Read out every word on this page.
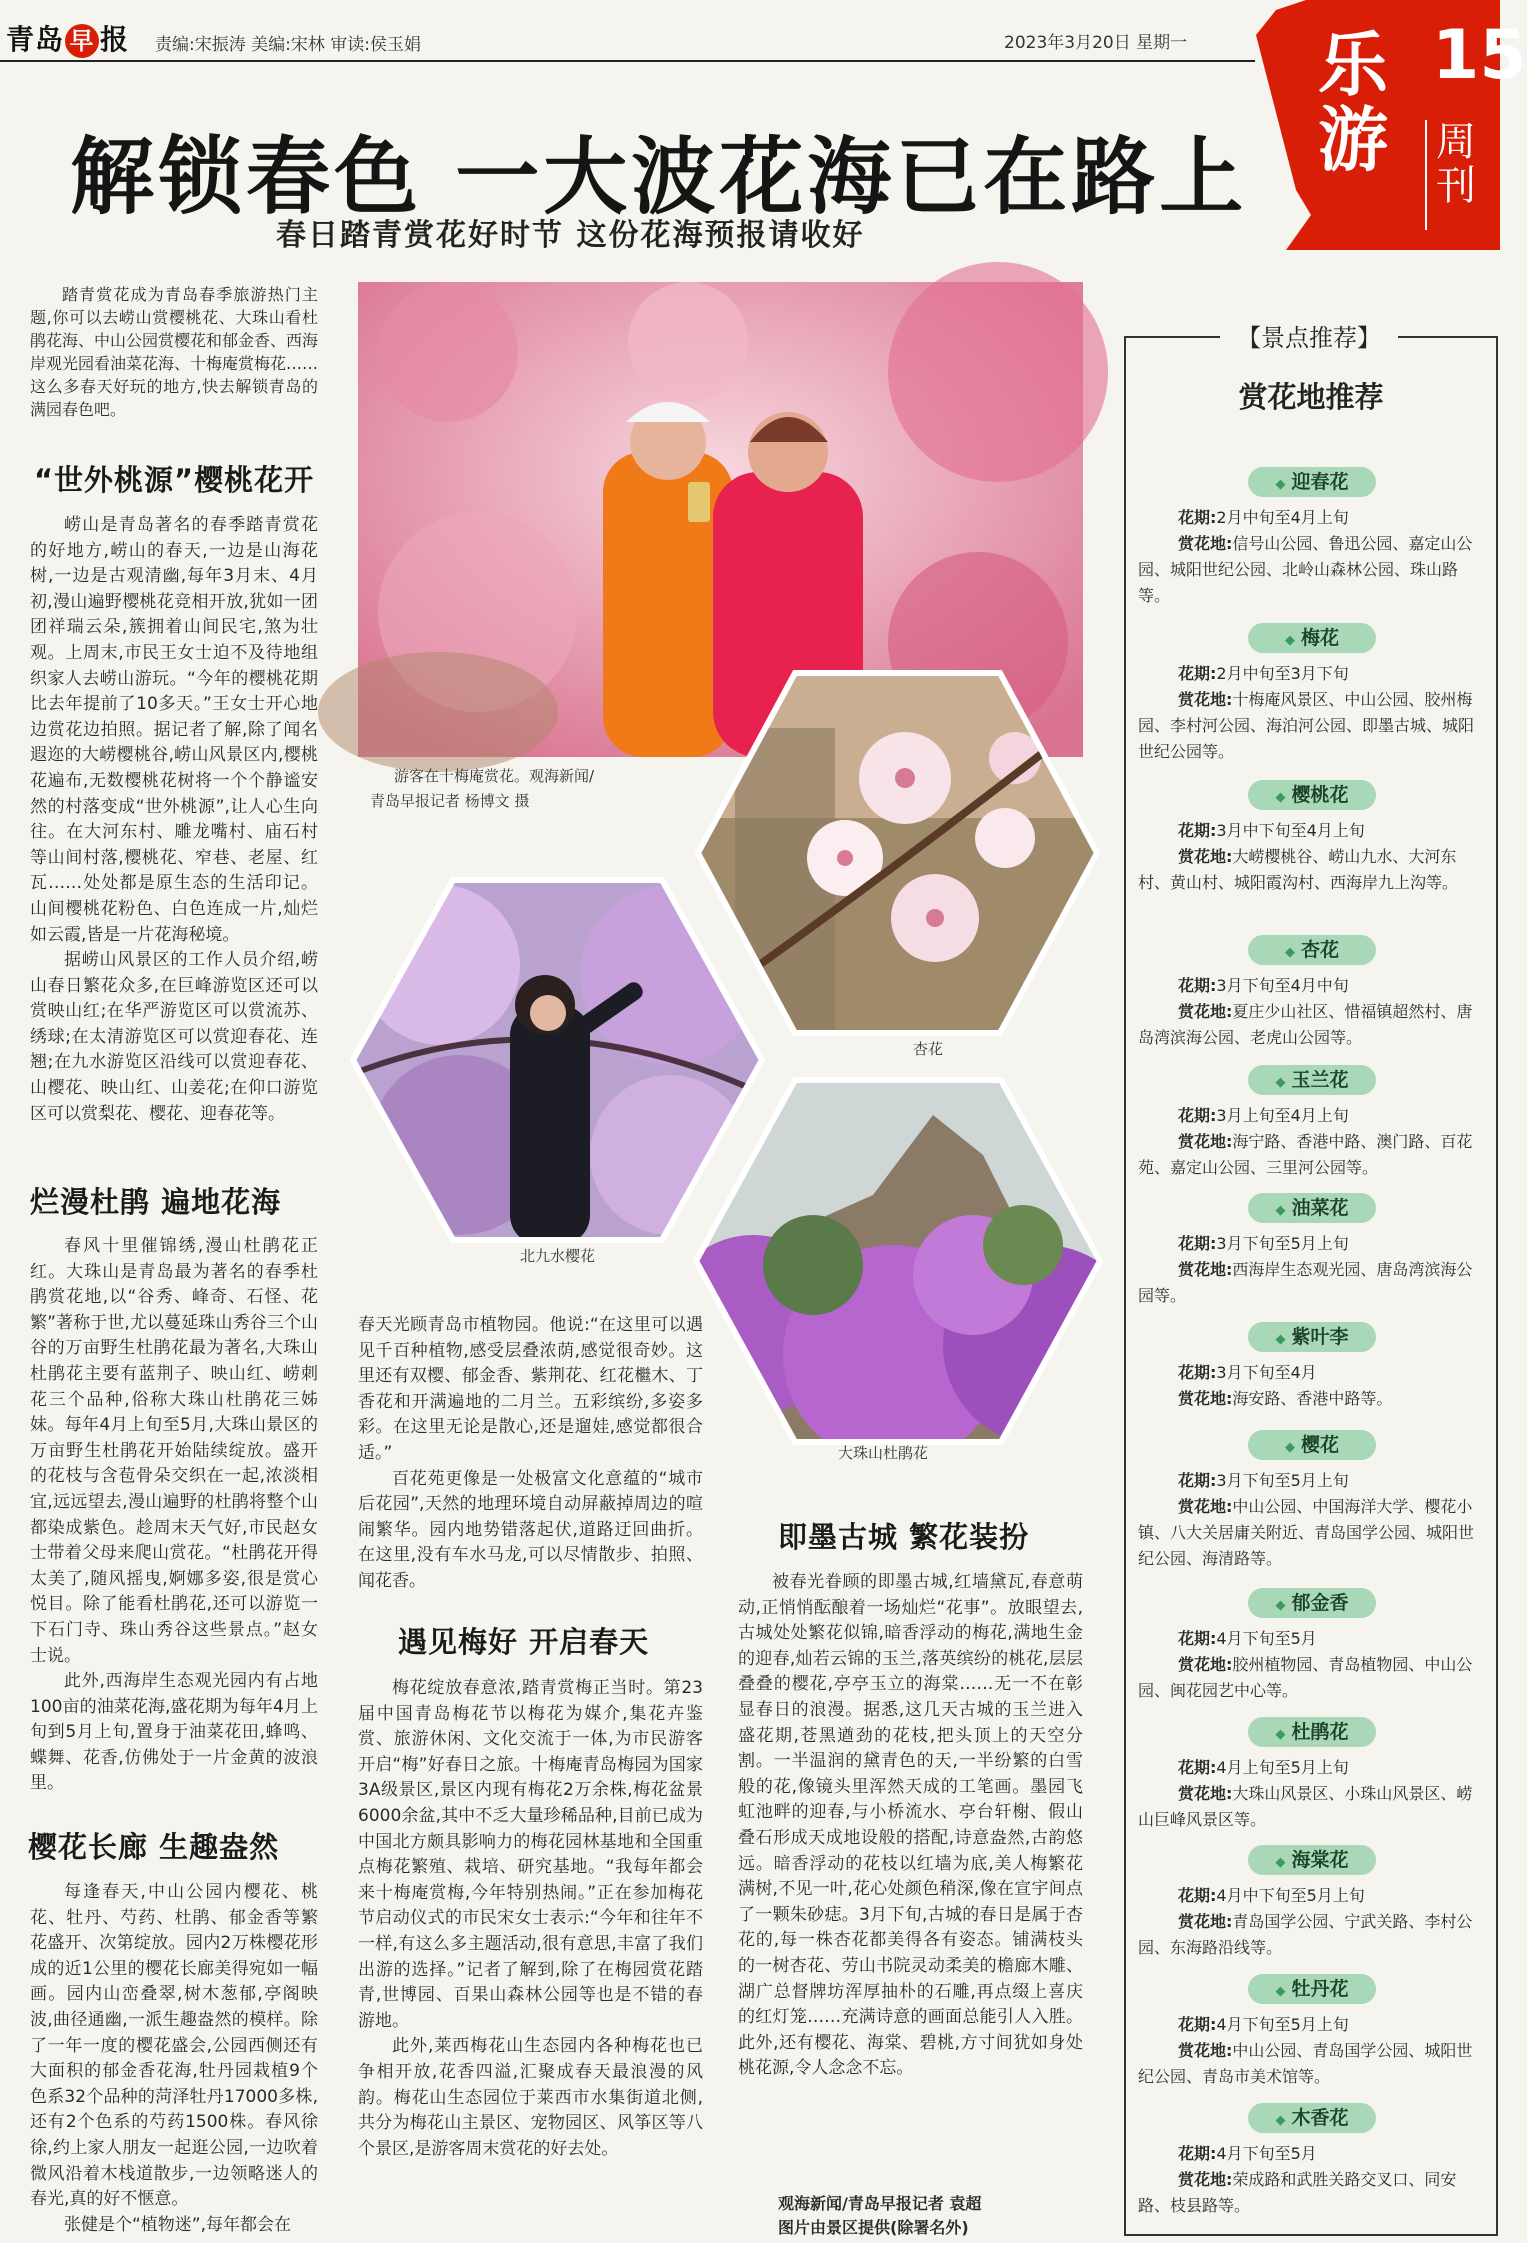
青岛 早 报 责编:宋振涛 美编:宋林 审读:侯玉娟	2023年3月20日 星期一 乐
游
15
周刊
解锁春色 一大波花海已在路上
春日踏青赏花好时节 这份花海预报请收好

踏青赏花成为青岛春季旅游热门主题,你可以去崂山赏樱桃花、大珠山看杜鹃花海、中山公园赏樱花和郁金香、西海岸观光园看油菜花海、十梅庵赏梅花……这么多春天好玩的地方,快去解锁青岛的满园春色吧。

“世外桃源”樱桃花开

崂山是青岛著名的春季踏青赏花的好地方,崂山的春天,一边是山海花树,一边是古观清幽,每年3月末、4月初,漫山遍野樱桃花竞相开放,犹如一团团祥瑞云朵,簇拥着山间民宅,煞为壮观。上周末,市民王女士迫不及待地组织家人去崂山游玩。“今年的樱桃花期比去年提前了10多天。”王女士开心地边赏花边拍照。据记者了解,除了闻名遐迩的大崂樱桃谷,崂山风景区内,樱桃花遍布,无数樱桃花树将一个个静谧安然的村落变成“世外桃源”,让人心生向往。在大河东村、雕龙嘴村、庙石村等山间村落,樱桃花、窄巷、老屋、红瓦……处处都是原生态的生活印记。山间樱桃花粉色、白色连成一片,灿烂如云霞,皆是一片花海秘境。

据崂山风景区的工作人员介绍,崂山春日繁花众多,在巨峰游览区还可以赏映山红;在华严游览区可以赏流苏、绣球;在太清游览区可以赏迎春花、连翘;在九水游览区沿线可以赏迎春花、山樱花、映山红、山姜花;在仰口游览区可以赏梨花、樱花、迎春花等。

烂漫杜鹃 遍地花海

春风十里催锦绣,漫山杜鹃花正红。大珠山是青岛最为著名的春季杜鹃赏花地,以“谷秀、峰奇、石怪、花繁”著称于世,尤以蔓延珠山秀谷三个山谷的万亩野生杜鹃花最为著名,大珠山杜鹃花主要有蓝荆子、映山红、崂刺花三个品种,俗称大珠山杜鹃花三姊妹。每年4月上旬至5月,大珠山景区的万亩野生杜鹃花开始陆续绽放。盛开的花枝与含苞骨朵交织在一起,浓淡相宜,远远望去,漫山遍野的杜鹃将整个山都染成紫色。趁周末天气好,市民赵女士带着父母来爬山赏花。“杜鹃花开得太美了,随风摇曳,婀娜多姿,很是赏心悦目。除了能看杜鹃花,还可以游览一下石门寺、珠山秀谷这些景点。”赵女士说。

此外,西海岸生态观光园内有占地100亩的油菜花海,盛花期为每年4月上旬到5月上旬,置身于油菜花田,蜂鸣、蝶舞、花香,仿佛处于一片金黄的波浪里。

樱花长廊 生趣盎然

每逢春天,中山公园内樱花、桃花、牡丹、芍药、杜鹃、郁金香等繁花盛开、次第绽放。园内2万株樱花形成的近1公里的樱花长廊美得宛如一幅画。园内山峦叠翠,树木葱郁,亭阁映波,曲径通幽,一派生趣盎然的模样。除了一年一度的樱花盛会,公园西侧还有大面积的郁金香花海,牡丹园栽植9个色系32个品种的菏泽牡丹17000多株,还有2个色系的芍药1500株。春风徐徐,约上家人朋友一起逛公园,一边吹着微风沿着木栈道散步,一边领略迷人的春光,真的好不惬意。

张健是个“植物迷”,每年都会在

游客在十梅庵赏花。观海新闻/
青岛早报记者 杨博文 摄
杏花
北九水樱花
大珠山杜鹃花

春天光顾青岛市植物园。他说:“在这里可以遇见千百种植物,感受层叠浓荫,感觉很奇妙。这里还有双樱、郁金香、紫荆花、红花檵木、丁香花和开满遍地的二月兰。五彩缤纷,多姿多彩。在这里无论是散心,还是遛娃,感觉都很合适。”

百花苑更像是一处极富文化意蕴的“城市后花园”,天然的地理环境自动屏蔽掉周边的喧闹繁华。园内地势错落起伏,道路迂回曲折。在这里,没有车水马龙,可以尽情散步、拍照、闻花香。

遇见梅好 开启春天

梅花绽放春意浓,踏青赏梅正当时。第23届中国青岛梅花节以梅花为媒介,集花卉鉴赏、旅游休闲、文化交流于一体,为市民游客开启“梅”好春日之旅。十梅庵青岛梅园为国家3A级景区,景区内现有梅花2万余株,梅花盆景6000余盆,其中不乏大量珍稀品种,目前已成为中国北方颇具影响力的梅花园林基地和全国重点梅花繁殖、栽培、研究基地。“我每年都会来十梅庵赏梅,今年特别热闹。”正在参加梅花节启动仪式的市民宋女士表示:“今年和往年不一样,有这么多主题活动,很有意思,丰富了我们出游的选择。”记者了解到,除了在梅园赏花踏青,世博园、百果山森林公园等也是不错的春游地。

此外,莱西梅花山生态园内各种梅花也已争相开放,花香四溢,汇聚成春天最浪漫的风韵。梅花山生态园位于莱西市水集街道北侧,共分为梅花山主景区、宠物园区、风筝区等八个景区,是游客周末赏花的好去处。

即墨古城 繁花装扮

被春光眷顾的即墨古城,红墙黛瓦,春意萌动,正悄悄酝酿着一场灿烂“花事”。放眼望去,古城处处繁花似锦,暗香浮动的梅花,满地生金的迎春,灿若云锦的玉兰,落英缤纷的桃花,层层叠叠的樱花,亭亭玉立的海棠……无一不在彰显春日的浪漫。据悉,这几天古城的玉兰进入盛花期,苍黑遒劲的花枝,把头顶上的天空分割。一半温润的黛青色的天,一半纷繁的白雪般的花,像镜头里浑然天成的工笔画。墨园飞虹池畔的迎春,与小桥流水、亭台轩榭、假山叠石形成天成地设般的搭配,诗意盎然,古韵悠远。暗香浮动的花枝以红墙为底,美人梅繁花满树,不见一叶,花心处颜色稍深,像在宣宇间点了一颗朱砂痣。3月下旬,古城的春日是属于杏花的,每一株杏花都美得各有姿态。铺满枝头的一树杏花、劳山书院灵动柔美的檐廊木雕、湖广总督牌坊浑厚抽朴的石雕,再点缀上喜庆的红灯笼……充满诗意的画面总能引人入胜。此外,还有樱花、海棠、碧桃,方寸间犹如身处桃花源,令人念念不忘。

观海新闻/青岛早报记者 袁超
图片由景区提供(除署名外)
【景点推荐】
赏花地推荐
◆ 迎春花
花期:2月中旬至4月上旬
赏花地:信号山公园、鲁迅公园、嘉定山公园、城阳世纪公园、北岭山森林公园、珠山路等。
◆ 梅花
花期:2月中旬至3月下旬
赏花地:十梅庵风景区、中山公园、胶州梅园、李村河公园、海泊河公园、即墨古城、城阳世纪公园等。
◆ 樱桃花
花期:3月中下旬至4月上旬
赏花地:大崂樱桃谷、崂山九水、大河东村、黄山村、城阳霞沟村、西海岸九上沟等。
◆ 杏花
花期:3月下旬至4月中旬
赏花地:夏庄少山社区、惜福镇超然村、唐岛湾滨海公园、老虎山公园等。
◆ 玉兰花
花期:3月上旬至4月上旬
赏花地:海宁路、香港中路、澳门路、百花苑、嘉定山公园、三里河公园等。
◆ 油菜花
花期:3月下旬至5月上旬
赏花地:西海岸生态观光园、唐岛湾滨海公园等。
◆ 紫叶李
花期:3月下旬至4月
赏花地:海安路、香港中路等。
◆ 樱花
花期:3月下旬至5月上旬
赏花地:中山公园、中国海洋大学、樱花小镇、八大关居庸关附近、青岛国学公园、城阳世纪公园、海清路等。
◆ 郁金香
花期:4月下旬至5月
赏花地:胶州植物园、青岛植物园、中山公园、闽花园艺中心等。
◆ 杜鹃花
花期:4月上旬至5月上旬
赏花地:大珠山风景区、小珠山风景区、崂山巨峰风景区等。
◆ 海棠花
花期:4月中下旬至5月上旬
赏花地:青岛国学公园、宁武关路、李村公园、东海路沿线等。
◆ 牡丹花
花期:4月下旬至5月上旬
赏花地:中山公园、青岛国学公园、城阳世纪公园、青岛市美术馆等。
◆ 木香花
花期:4月下旬至5月
赏花地:荣成路和武胜关路交叉口、同安路、枝县路等。
